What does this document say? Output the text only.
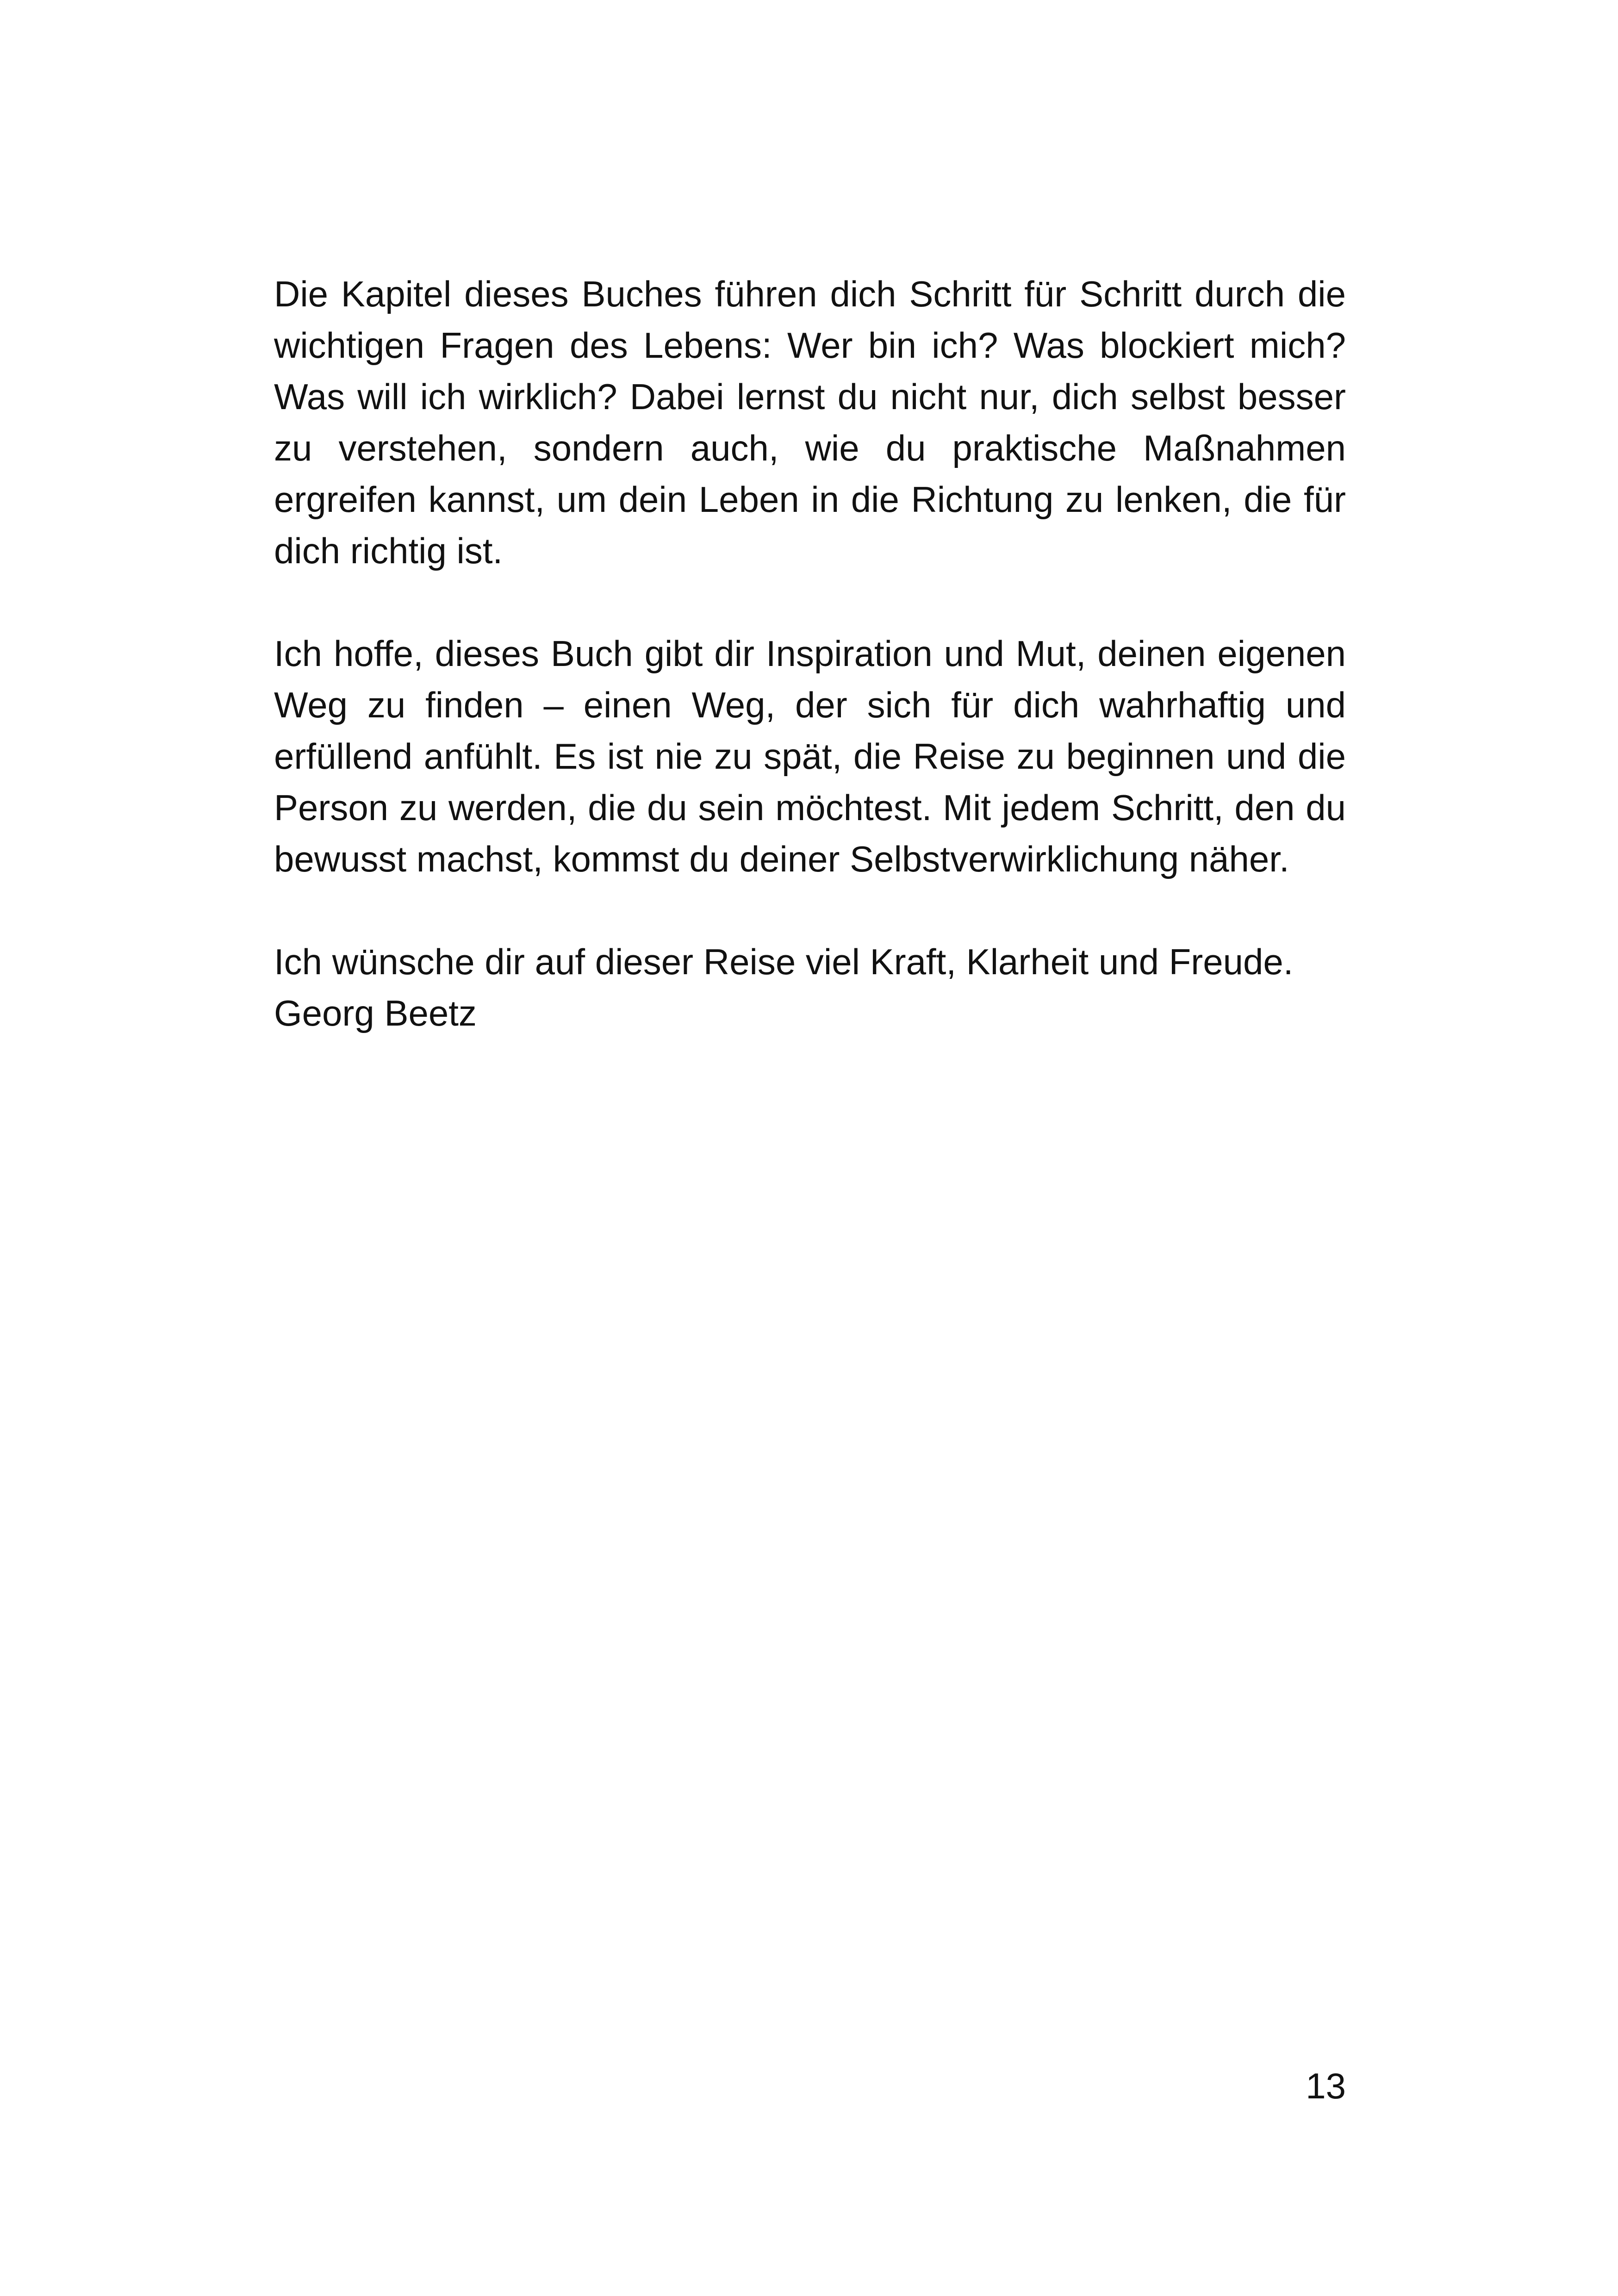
Die Kapitel dieses Buches führen dich Schritt für Schritt durch die wichtigen Fragen des Lebens: Wer bin ich? Was blockiert mich? Was will ich wirklich? Dabei lernst du nicht nur, dich selbst besser zu verstehen, sondern auch, wie du praktische Maßnahmen ergreifen kannst, um dein Leben in die Richtung zu lenken, die für dich richtig ist.

Ich hoffe, dieses Buch gibt dir Inspiration und Mut, deinen eigenen Weg zu finden – einen Weg, der sich für dich wahrhaftig und erfüllend anfühlt. Es ist nie zu spät, die Reise zu beginnen und die Person zu werden, die du sein möchtest. Mit jedem Schritt, den du bewusst machst, kommst du deiner Selbstverwirklichung näher.

Ich wünsche dir auf dieser Reise viel Kraft, Klarheit und Freude.
Georg Beetz

13
